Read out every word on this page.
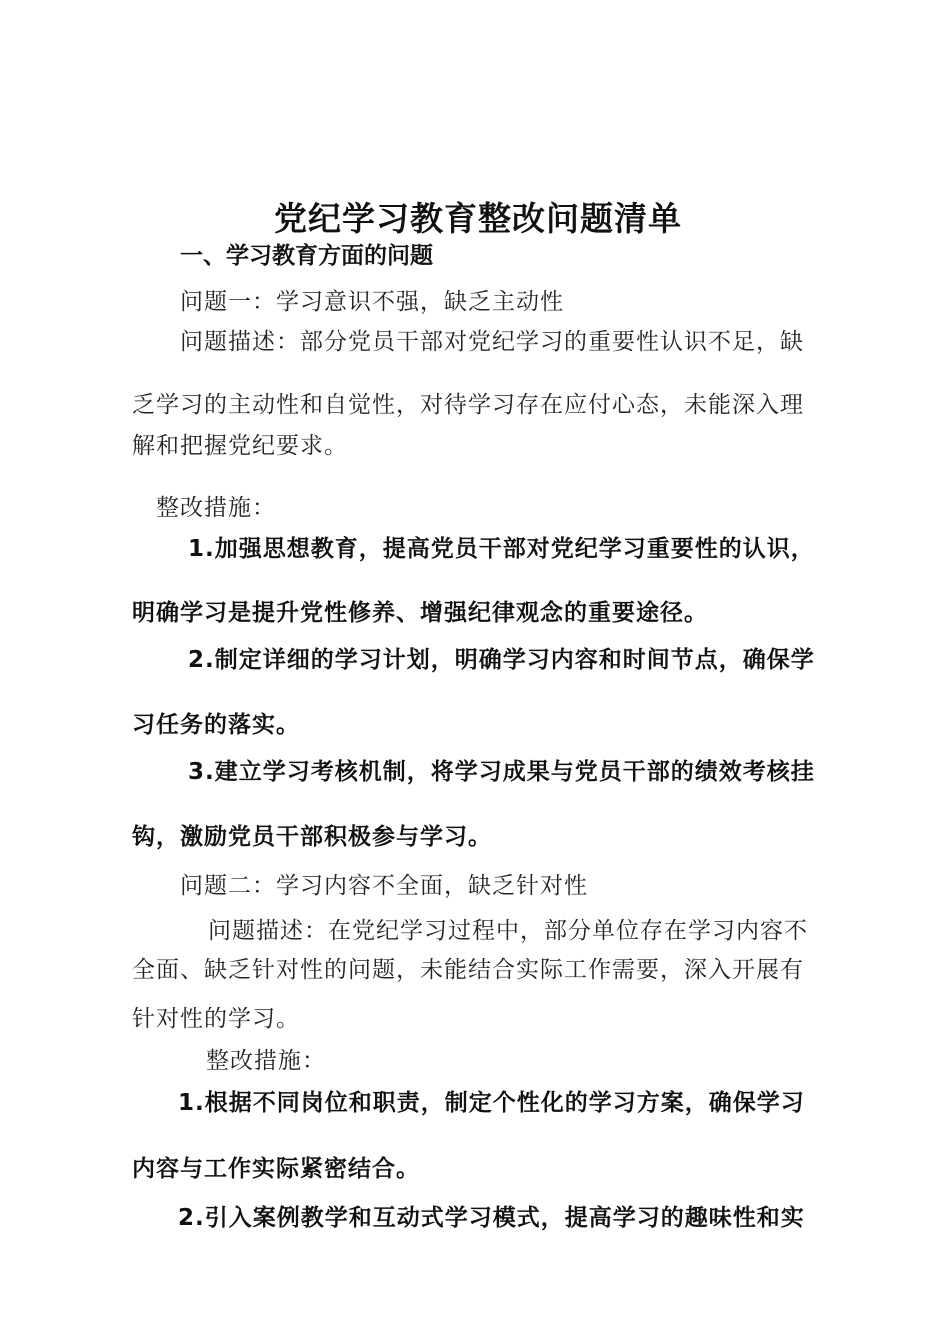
党纪学习教育整改问题清单
一、学习教育方面的问题
问题一：学习意识不强，缺乏主动性
问题描述：部分党员干部对党纪学习的重要性认识不足，缺
乏学习的主动性和自觉性，对待学习存在应付心态，未能深入理
解和把握党纪要求。
整改措施：
1.加强思想教育，提高党员干部对党纪学习重要性的认识，
明确学习是提升党性修养、增强纪律观念的重要途径。
2.制定详细的学习计划，明确学习内容和时间节点，确保学
习任务的落实。
3.建立学习考核机制，将学习成果与党员干部的绩效考核挂
钩，激励党员干部积极参与学习。
问题二：学习内容不全面，缺乏针对性
问题描述：在党纪学习过程中，部分单位存在学习内容不
全面、缺乏针对性的问题，未能结合实际工作需要，深入开展有
针对性的学习。
整改措施：
1.根据不同岗位和职责，制定个性化的学习方案，确保学习
内容与工作实际紧密结合。
2.引入案例教学和互动式学习模式，提高学习的趣味性和实
